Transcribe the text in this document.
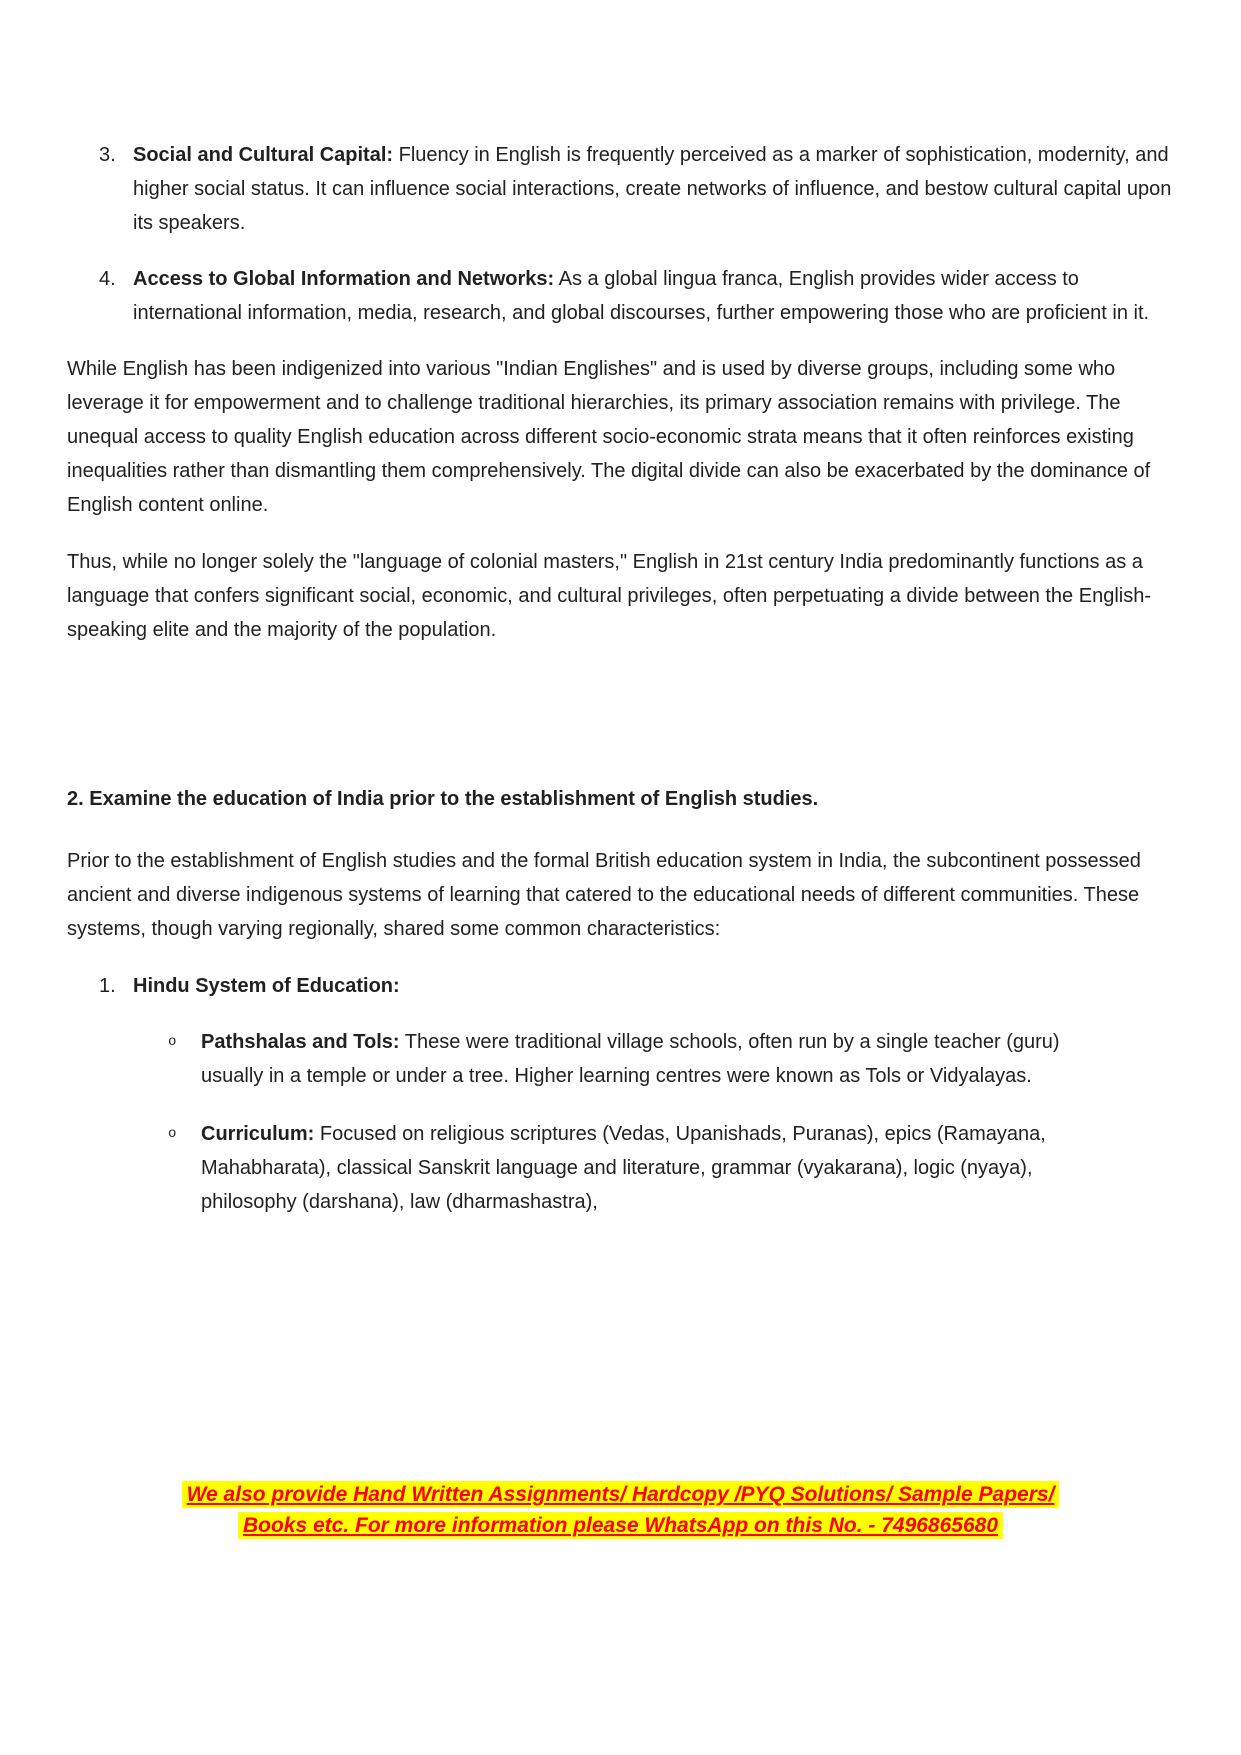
3. Social and Cultural Capital: Fluency in English is frequently perceived as a marker of sophistication, modernity, and higher social status. It can influence social interactions, create networks of influence, and bestow cultural capital upon its speakers.
4. Access to Global Information and Networks: As a global lingua franca, English provides wider access to international information, media, research, and global discourses, further empowering those who are proficient in it.

While English has been indigenized into various "Indian Englishes" and is used by diverse groups, including some who leverage it for empowerment and to challenge traditional hierarchies, its primary association remains with privilege. The unequal access to quality English education across different socio-economic strata means that it often reinforces existing inequalities rather than dismantling them comprehensively. The digital divide can also be exacerbated by the dominance of English content online.

Thus, while no longer solely the "language of colonial masters," English in 21st century India predominantly functions as a language that confers significant social, economic, and cultural privileges, often perpetuating a divide between the English-speaking elite and the majority of the population.

2. Examine the education of India prior to the establishment of English studies.

Prior to the establishment of English studies and the formal British education system in India, the subcontinent possessed ancient and diverse indigenous systems of learning that catered to the educational needs of different communities. These systems, though varying regionally, shared some common characteristics:

1. Hindu System of Education:
o	Pathshalas and Tols: These were traditional village schools, often run by a single teacher (guru) usually in a temple or under a tree. Higher learning centres were known as Tols or Vidyalayas.
o	Curriculum: Focused on religious scriptures (Vedas, Upanishads, Puranas), epics (Ramayana, Mahabharata), classical Sanskrit language and literature, grammar (vyakarana), logic (nyaya), philosophy (darshana), law (dharmashastra),
We also provide Hand Written Assignments/ Hardcopy /PYQ Solutions/ Sample Papers/
Books etc. For more information please WhatsApp on this No. - 7496865680
